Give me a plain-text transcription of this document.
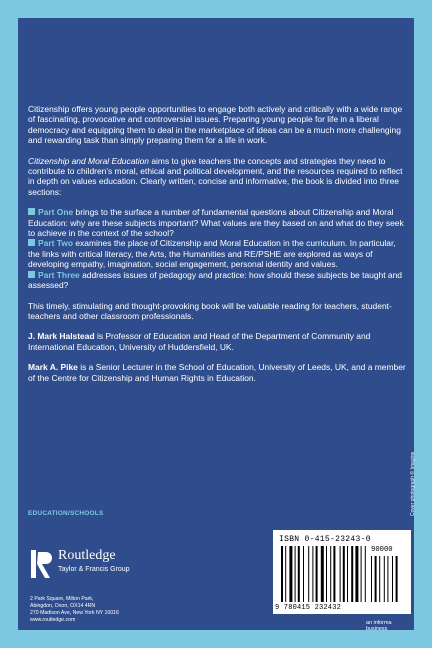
Citizenship offers young people opportunities to engage both actively and critically with a wide range of fascinating, provocative and controversial issues. Preparing young people for life in a liberal democracy and equipping them to deal in the marketplace of ideas can be a much more challenging and rewarding task than simply preparing them for a life in work.

Citizenship and Moral Education aims to give teachers the concepts and strategies they need to contribute to children's moral, ethical and political development, and the resources required to reflect in depth on values education. Clearly written, concise and informative, the book is divided into three sections:

Part One brings to the surface a number of fundamental questions about Citizenship and Moral Education: why are these subjects important? What values are they based on and what do they seek to achieve in the context of the school?
Part Two examines the place of Citizenship and Moral Education in the curriculum. In particular, the links with critical literacy, the Arts, the Humanities and RE/PSHE are explored as ways of developing empathy, imagination, social engagement, personal identity and values.
Part Three addresses issues of pedagogy and practice: how should these subjects be taught and assessed?

This timely, stimulating and thought-provoking book will be valuable reading for teachers, student-teachers and other classroom professionals.

J. Mark Halstead is Professor of Education and Head of the Department of Community and International Education, University of Huddersfield, UK.

Mark A. Pike is a Senior Lecturer in the School of Education, University of Leeds, UK, and a member of the Centre for Citizenship and Human Rights in Education.

EDUCATION/SCHOOLS
Routledge
Taylor & Francis Group
2 Park Square, Milton Park,
Abingdon, Oxon, OX14 4RN
270 Madison Ave, New York NY 10016
www.routledge.com
Cover photograph © Imagine
ISBN 0-415-23243-0
90000
9 780415 232432
an informa business
